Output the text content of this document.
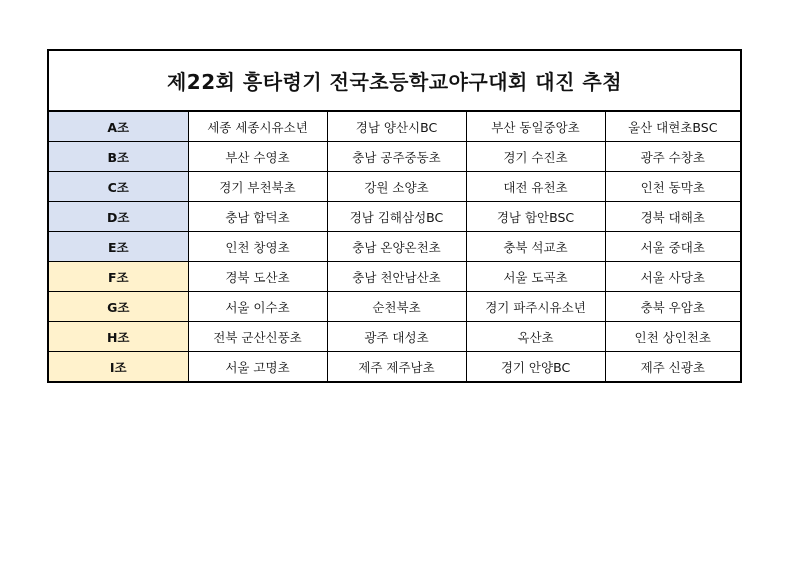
제22회 흥타령기 전국초등학교야구대회 대진 추첨
A조	세종 세종시유소년	경남 양산시BC	부산 동일중앙초	울산 대현초BSC
B조	부산 수영초	충남 공주중동초	경기 수진초	광주 수창초
C조	경기 부천북초	강원 소양초	대전 유천초	인천 동막초
D조	충남 합덕초	경남 김해삼성BC	경남 함안BSC	경북 대해초
E조	인천 창영초	충남 온양온천초	충북 석교초	서울 중대초
F조	경북 도산초	충남 천안남산초	서울 도곡초	서울 사당초
G조	서울 이수초	순천북초	경기 파주시유소년	충북 우암초
H조	전북 군산신풍초	광주 대성초	옥산초	인천 상인천초
I조	서울 고명초	제주 제주남초	경기 안양BC	제주 신광초
